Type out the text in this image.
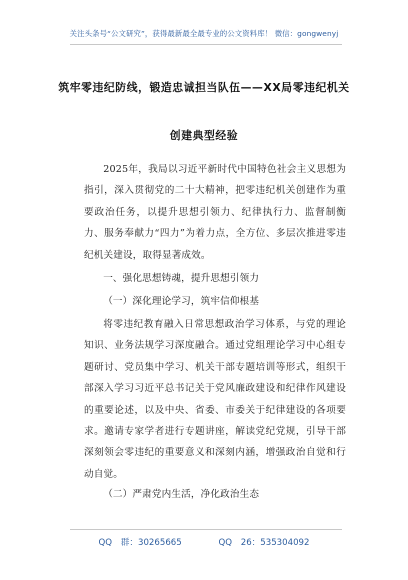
关注头条号“公文研究”，获得最新最全最专业的公文资料库！ 微信：gongwenyj
筑牢零违纪防线，锻造忠诚担当队伍——XX局零违纪机关
创建典型经验

2025年，我局以习近平新时代中国特色社会主义思想为指引，深入贯彻党的二十大精神，把零违纪机关创建作为重要政治任务，以提升思想引领力、纪律执行力、监督制衡力、服务奉献力“四力”为着力点，全方位、多层次推进零违纪机关建设，取得显著成效。

一、强化思想铸魂，提升思想引领力

（一）深化理论学习，筑牢信仰根基

将零违纪教育融入日常思想政治学习体系，与党的理论知识、业务法规学习深度融合。通过党组理论学习中心组专题研讨、党员集中学习、机关干部专题培训等形式，组织干部深入学习习近平总书记关于党风廉政建设和纪律作风建设的重要论述，以及中央、省委、市委关于纪律建设的各项要求。邀请专家学者进行专题讲座，解读党纪党规，引导干部深刻领会零违纪的重要意义和深刻内涵，增强政治自觉和行动自觉。

（二）严肃党内生活，净化政治生态

QQ 群：30265665	QQ 26：535304092
